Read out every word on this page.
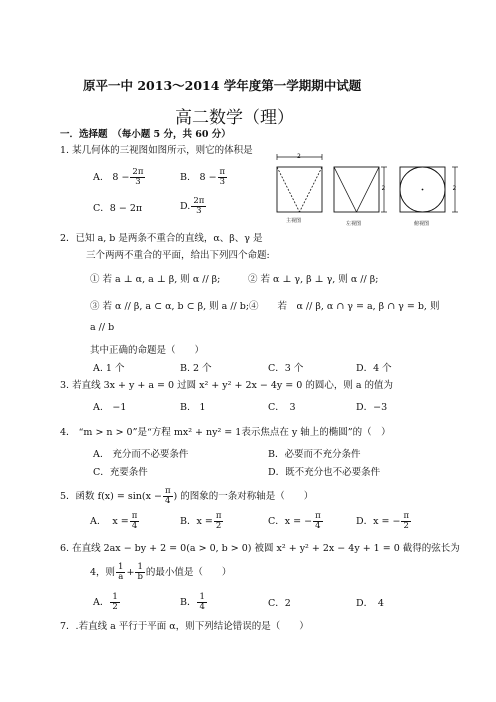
原平一中 2013～2014 学年度第一学期期中试题
高二数学（理）
一．选择题　（每小题 5 分，共 60 分）
1. 某几何体的三视图如图所示，则它的体积是
A.　$8 - \frac{2\pi}{3}$	B.　$8 - \frac{\pi}{3}$
C．8 − 2π	D. $\frac{2\pi}{3}$
2
主视图
2
左视图
2
俯视图
2．已知 a, b 是两条不重合的直线，α、β、γ 是
三个两两不重合的平面，给出下列四个命题:
① 若 a ⊥ α, a ⊥ β, 则 α // β;	② 若 α ⊥ γ, β ⊥ γ, 则 α // β;
③ 若 α // β, a ⊂ α, b ⊂ β, 则 a // b; ④　　若　α // β, α ∩ γ = a, β ∩ γ = b, 则
a // b
其中正确的命题是（　　）
A. 1 个	B. 2 个	C．3 个	D．4 个
3. 若直线 3x + y + a = 0 过圆 x² + y² + 2x − 4y = 0 的圆心，则 a 的值为
A.　−1	B.　1	C．　3	D．−3
4． “m > n > 0”是“方程 mx² + ny² = 1表示焦点在 y 轴上的椭圆”的（　）
A.　充分而不必要条件	B．必要而不充分条件
C．充要条件	D．既不充分也不必要条件
5．函数 $f(x) = \sin(x - \frac{\pi}{4}$ ) 的图象的一条对称轴是（　　）
A.　 $x = \frac{\pi}{4}$	B．$x = \frac{\pi}{2}$	C．x = − $\frac{\pi}{4}$	D．x = − $\frac{\pi}{2}$
6. 在直线 2ax − by + 2 = 0(a > 0, b > 0) 被圆 x² + y² + 2x − 4y + 1 = 0 截得的弦长为
4，则 $\frac{1}{a} + \frac{1}{b}$ 的最小值是（　　）
A． $\frac{1}{2}$	B． $\frac{1}{4}$	C．2	D．　4
7．.若直线 a 平行于平面 α，则下列结论错误的是（　　）
